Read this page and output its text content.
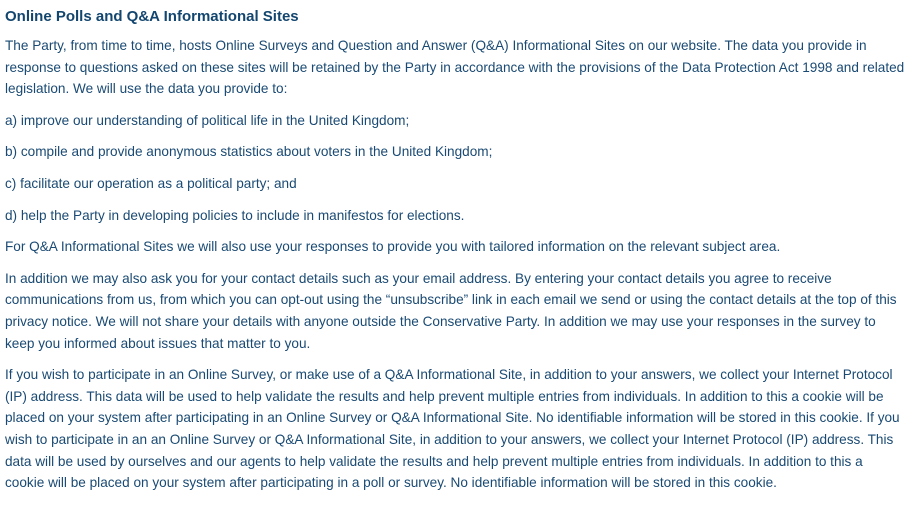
Online Polls and Q&A Informational Sites

The Party, from time to time, hosts Online Surveys and Question and Answer (Q&A) Informational Sites on our website. The data you provide in response to questions asked on these sites will be retained by the Party in accordance with the provisions of the Data Protection Act 1998 and related legislation. We will use the data you provide to:

a) improve our understanding of political life in the United Kingdom;

b) compile and provide anonymous statistics about voters in the United Kingdom;

c) facilitate our operation as a political party; and

d) help the Party in developing policies to include in manifestos for elections.

For Q&A Informational Sites we will also use your responses to provide you with tailored information on the relevant subject area.

In addition we may also ask you for your contact details such as your email address. By entering your contact details you agree to receive communications from us, from which you can opt-out using the “unsubscribe” link in each email we send or using the contact details at the top of this privacy notice. We will not share your details with anyone outside the Conservative Party. In addition we may use your responses in the survey to keep you informed about issues that matter to you.

If you wish to participate in an Online Survey, or make use of a Q&A Informational Site, in addition to your answers, we collect your Internet Protocol (IP) address. This data will be used to help validate the results and help prevent multiple entries from individuals. In addition to this a cookie will be placed on your system after participating in an Online Survey or Q&A Informational Site. No identifiable information will be stored in this cookie. If you wish to participate in an an Online Survey or Q&A Informational Site, in addition to your answers, we collect your Internet Protocol (IP) address. This data will be used by ourselves and our agents to help validate the results and help prevent multiple entries from individuals. In addition to this a cookie will be placed on your system after participating in a poll or survey. No identifiable information will be stored in this cookie.
